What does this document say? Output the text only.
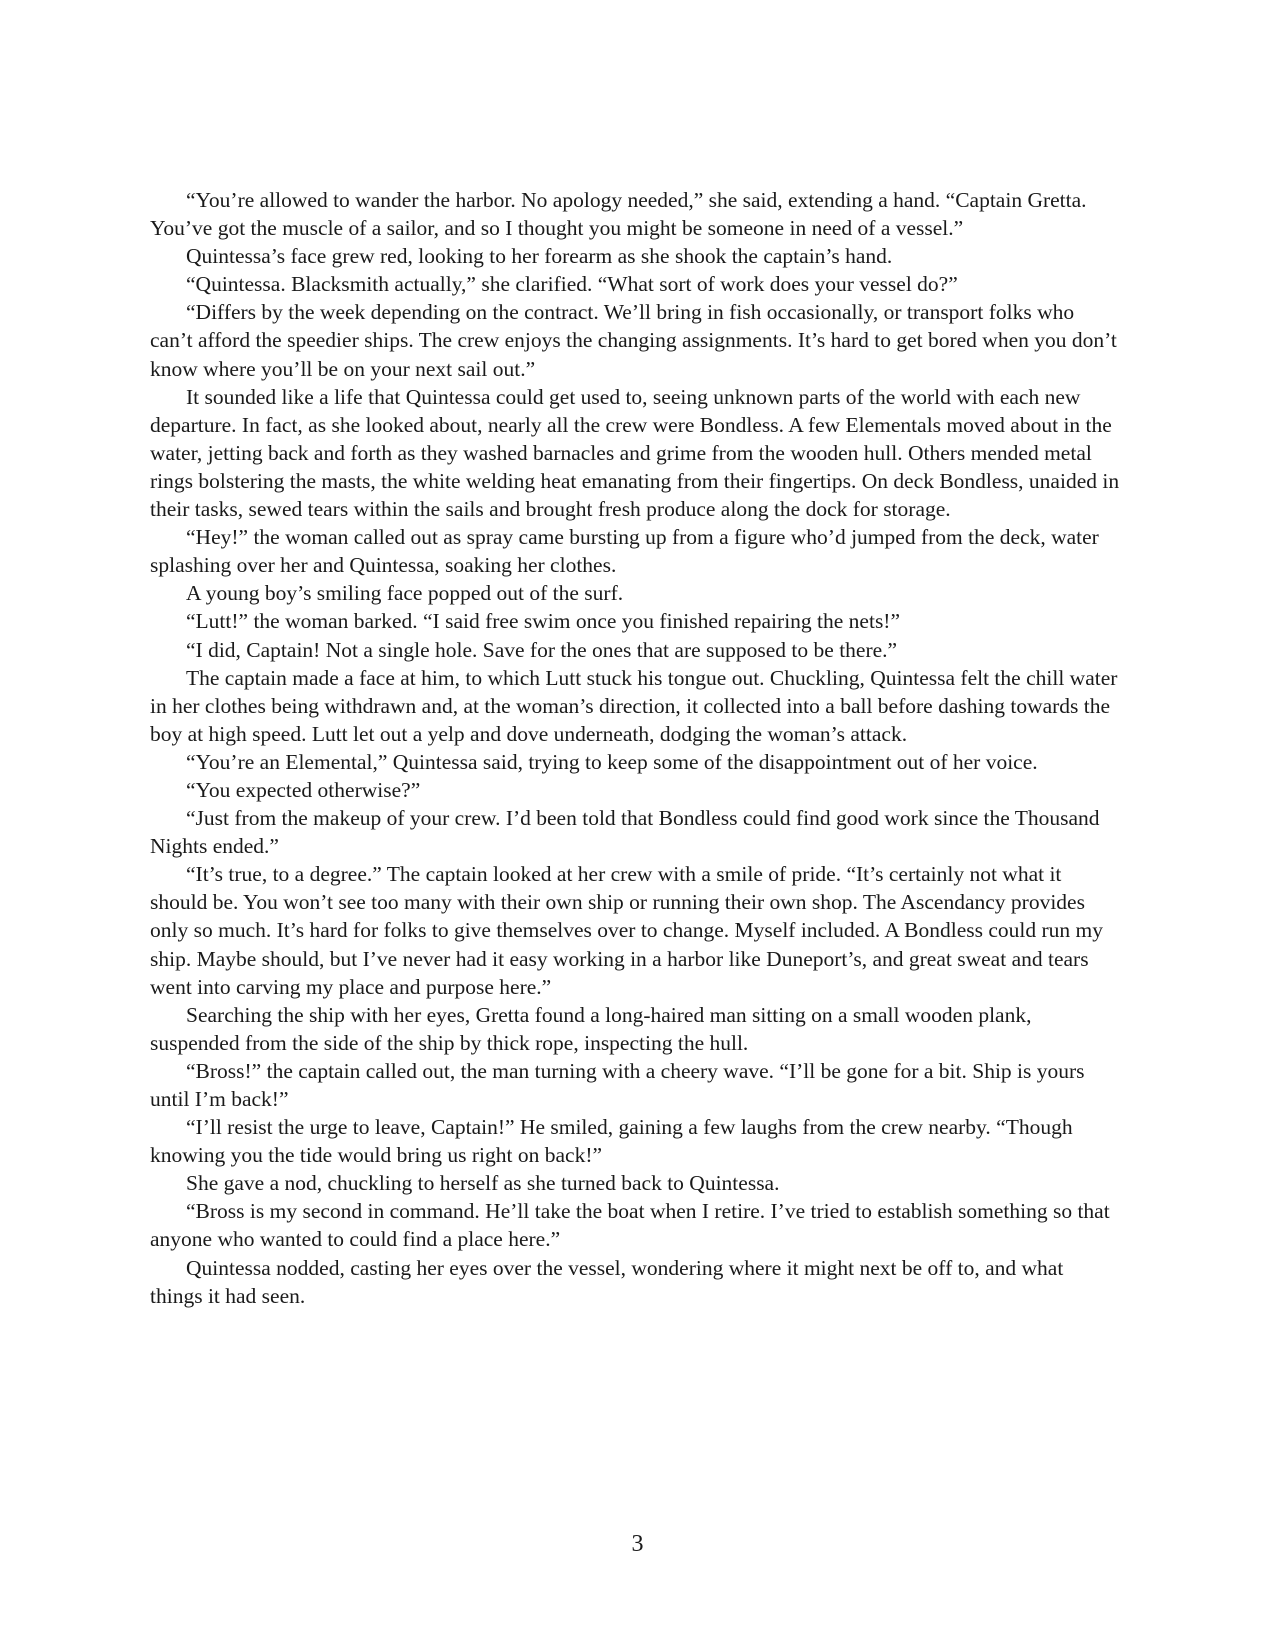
“You’re allowed to wander the harbor. No apology needed,” she said, extending a hand. “Captain Gretta. You’ve got the muscle of a sailor, and so I thought you might be someone in need of a vessel.”

Quintessa’s face grew red, looking to her forearm as she shook the captain’s hand.

“Quintessa. Blacksmith actually,” she clarified. “What sort of work does your vessel do?”

“Differs by the week depending on the contract. We’ll bring in fish occasionally, or transport folks who can’t afford the speedier ships. The crew enjoys the changing assignments. It’s hard to get bored when you don’t know where you’ll be on your next sail out.”

It sounded like a life that Quintessa could get used to, seeing unknown parts of the world with each new departure. In fact, as she looked about, nearly all the crew were Bondless. A few Elementals moved about in the water, jetting back and forth as they washed barnacles and grime from the wooden hull. Others mended metal rings bolstering the masts, the white welding heat emanating from their fingertips. On deck Bondless, unaided in their tasks, sewed tears within the sails and brought fresh produce along the dock for storage.

“Hey!” the woman called out as spray came bursting up from a figure who’d jumped from the deck, water splashing over her and Quintessa, soaking her clothes.

A young boy’s smiling face popped out of the surf.

“Lutt!” the woman barked. “I said free swim once you finished repairing the nets!”

“I did, Captain! Not a single hole. Save for the ones that are supposed to be there.”

The captain made a face at him, to which Lutt stuck his tongue out. Chuckling, Quintessa felt the chill water in her clothes being withdrawn and, at the woman’s direction, it collected into a ball before dashing towards the boy at high speed. Lutt let out a yelp and dove underneath, dodging the woman’s attack.

“You’re an Elemental,” Quintessa said, trying to keep some of the disappointment out of her voice.

“You expected otherwise?”

“Just from the makeup of your crew. I’d been told that Bondless could find good work since the Thousand Nights ended.”

“It’s true, to a degree.” The captain looked at her crew with a smile of pride. “It’s certainly not what it should be. You won’t see too many with their own ship or running their own shop. The Ascendancy provides only so much. It’s hard for folks to give themselves over to change. Myself included. A Bondless could run my ship. Maybe should, but I’ve never had it easy working in a harbor like Duneport’s, and great sweat and tears went into carving my place and purpose here.”

Searching the ship with her eyes, Gretta found a long-haired man sitting on a small wooden plank, suspended from the side of the ship by thick rope, inspecting the hull.

“Bross!” the captain called out, the man turning with a cheery wave. “I’ll be gone for a bit. Ship is yours until I’m back!”

“I’ll resist the urge to leave, Captain!” He smiled, gaining a few laughs from the crew nearby. “Though knowing you the tide would bring us right on back!”

She gave a nod, chuckling to herself as she turned back to Quintessa.

“Bross is my second in command. He’ll take the boat when I retire. I’ve tried to establish something so that anyone who wanted to could find a place here.”

Quintessa nodded, casting her eyes over the vessel, wondering where it might next be off to, and what things it had seen.

3
